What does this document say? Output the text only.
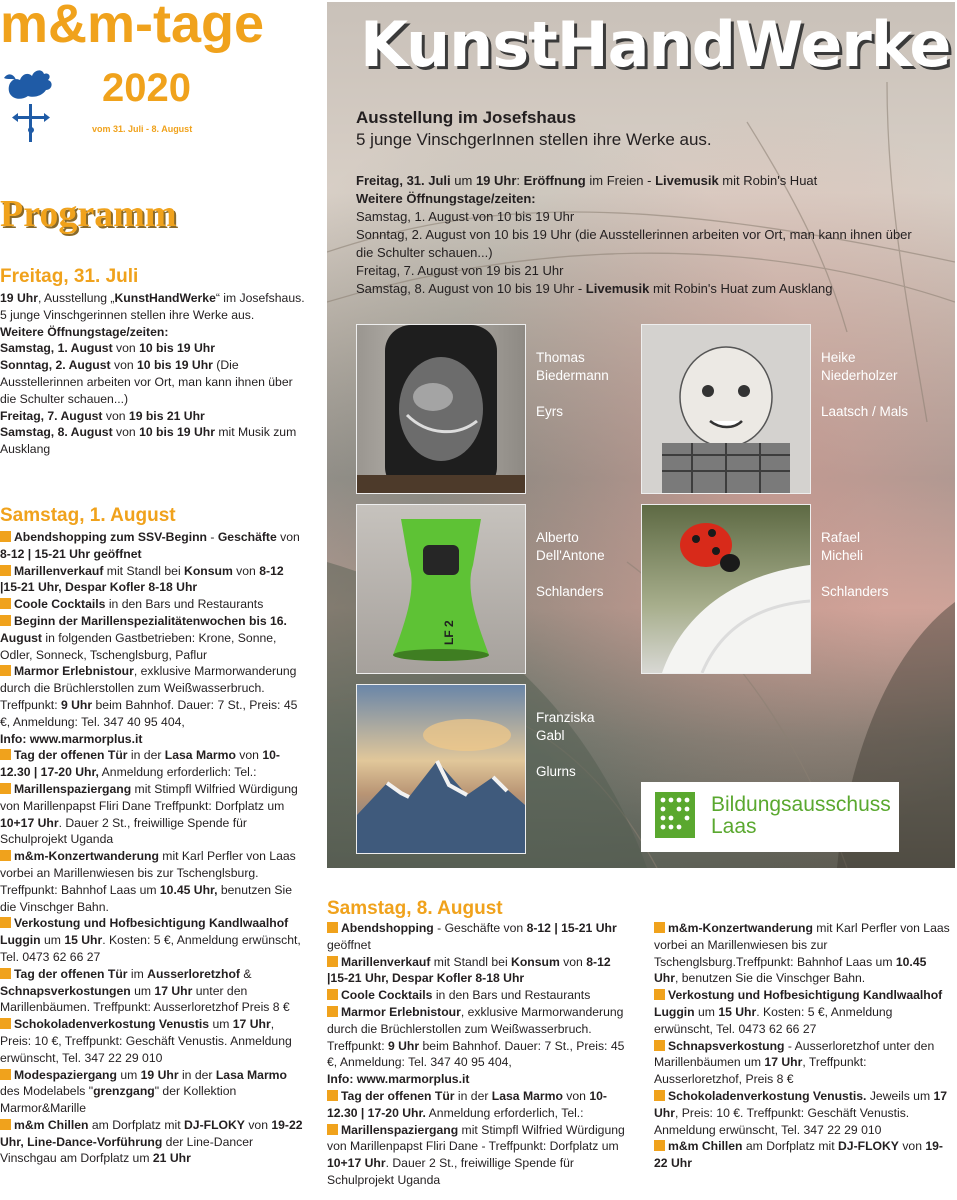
m&m-tage
2020
vom 31. Juli - 8. August
Programm
Freitag, 31. Juli

19 Uhr, Ausstellung „KunstHandWerke“ im Josefshaus. 5 junge Vinschgerinnen stellen ihre Werke aus.

Weitere Öffnungstage/zeiten:

Samstag, 1. August von 10 bis 19 Uhr

Sonntag, 2. August von 10 bis 19 Uhr (Die Ausstellerinnen arbeiten vor Ort, man kann ihnen über die Schulter schauen...)

Freitag, 7. August von 19 bis 21 Uhr

Samstag, 8. August von 10 bis 19 Uhr mit Musik zum Ausklang

Samstag, 1. August

Abendshopping zum SSV-Beginn - Geschäfte von 8-12 | 15-21 Uhr geöffnet

Marillenverkauf mit Standl bei Konsum von 8-12 |15-21 Uhr, Despar Kofler 8-18 Uhr

Coole Cocktails in den Bars und Restaurants

Beginn der Marillenspezialitätenwochen bis 16. August in folgenden Gastbetrieben: Krone, Sonne, Odler, Sonneck, Tschenglsburg, Paflur

Marmor Erlebnistour, exklusive Marmorwanderung durch die Brüchlerstollen zum Weißwasserbruch. Treffpunkt: 9 Uhr beim Bahnhof. Dauer: 7 St., Preis: 45 €, Anmeldung: Tel. 347 40 95 404,
Info: www.marmorplus.it

Tag der offenen Tür in der Lasa Marmo von 10-12.30 | 17-20 Uhr, Anmeldung erforderlich: Tel.:

Marillenspaziergang mit Stimpfl Wilfried Würdigung von Marillenpapst Fliri Dane Treffpunkt: Dorfplatz um 10+17 Uhr. Dauer 2 St., freiwillige Spende für Schulprojekt Uganda

m&m-Konzertwanderung mit Karl Perfler von Laas vorbei an Marillenwiesen bis zur Tschenglsburg. Treffpunkt: Bahnhof Laas um 10.45 Uhr, benutzen Sie die Vinschger Bahn.

Verkostung und Hofbesichtigung Kandlwaalhof Luggin um 15 Uhr. Kosten: 5 €, Anmeldung erwünscht, Tel. 0473 62 66 27

Tag der offenen Tür im Ausserloretzhof & Schnapsverkostungen um 17 Uhr unter den Marillenbäumen. Treffpunkt: Ausserloretzhof Preis 8 €

Schokoladenverkostung Venustis um 17 Uhr, Preis: 10 €, Treffpunkt: Geschäft Venustis. Anmeldung erwünscht, Tel. 347 22 29 010

Modespaziergang um 19 Uhr in der Lasa Marmo des Modelabels "grenzgang" der Kollektion Marmor&Marille

m&m Chillen am Dorfplatz mit DJ-FLOKY von 19-22 Uhr, Line-Dance-Vorführung der Line-Dancer Vinschgau am Dorfplatz um 21 Uhr

KunstHandWerke
Ausstellung im Josefshaus
5 junge VinschgerInnen stellen ihre Werke aus.

Freitag, 31. Juli um 19 Uhr: Eröffnung im Freien - Livemusik mit Robin's Huat

Weitere Öffnungstage/zeiten:

Samstag, 1. August von 10 bis 19 Uhr

Sonntag, 2. August von 10 bis 19 Uhr (die Ausstellerinnen arbeiten vor Ort, man kann ihnen über die Schulter schauen...)

Freitag, 7. August von 19 bis 21 Uhr

Samstag, 8. August von 10 bis 19 Uhr - Livemusik mit Robin's Huat zum Ausklang

Thomas
Biedermann
Eyrs
Heike
Niederholzer
Laatsch / Mals
LF 2
Alberto
Dell'Antone
Schlanders
Rafael
Micheli
Schlanders
Franziska
Gabl
Glurns
Bildungsausschuss
Laas
Samstag, 8. August

Abendshopping - Geschäfte von 8-12 | 15-21 Uhr geöffnet

Marillenverkauf mit Standl bei Konsum von 8-12 |15-21 Uhr, Despar Kofler 8-18 Uhr

Coole Cocktails in den Bars und Restaurants

Marmor Erlebnistour, exklusive Marmorwanderung durch die Brüchlerstollen zum Weißwasserbruch. Treffpunkt: 9 Uhr beim Bahnhof. Dauer: 7 St., Preis: 45 €, Anmeldung: Tel. 347 40 95 404,
Info: www.marmorplus.it

Tag der offenen Tür in der Lasa Marmo von 10-12.30 | 17-20 Uhr. Anmeldung erforderlich, Tel.:

Marillenspaziergang mit Stimpfl Wilfried Würdigung von Marillenpapst Fliri Dane - Treffpunkt: Dorfplatz um 10+17 Uhr. Dauer 2 St., freiwillige Spende für Schulprojekt Uganda

m&m-Konzertwanderung mit Karl Perfler von Laas vorbei an Marillenwiesen bis zur Tschenglsburg.Treffpunkt: Bahnhof Laas um 10.45 Uhr, benutzen Sie die Vinschger Bahn.

Verkostung und Hofbesichtigung Kandlwaalhof Luggin um 15 Uhr. Kosten: 5 €, Anmeldung erwünscht, Tel. 0473 62 66 27

Schnapsverkostung - Ausserloretzhof unter den Marillenbäumen um 17 Uhr, Treffpunkt: Ausserloretzhof, Preis 8 €

Schokoladenverkostung Venustis. Jeweils um 17 Uhr, Preis: 10 €. Treffpunkt: Geschäft Venustis. Anmeldung erwünscht, Tel. 347 22 29 010

m&m Chillen am Dorfplatz mit DJ-FLOKY von 19-22 Uhr
